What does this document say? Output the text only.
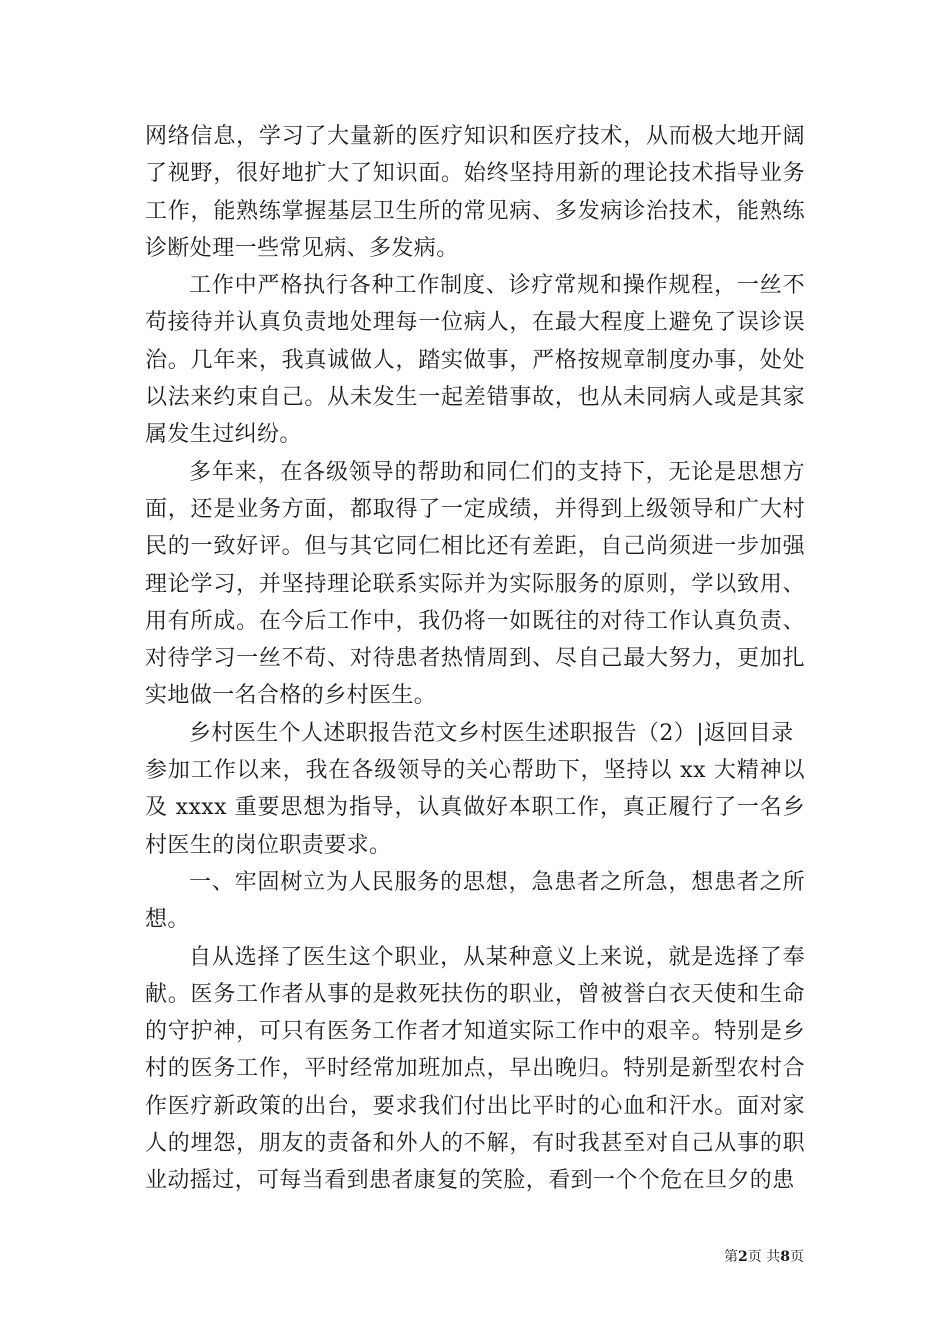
网络信息，学习了大量新的医疗知识和医疗技术，从而极大地开阔了视野，很好地扩大了知识面。始终坚持用新的理论技术指导业务工作，能熟练掌握基层卫生所的常见病、多发病诊治技术，能熟练诊断处理一些常见病、多发病。

工作中严格执行各种工作制度、诊疗常规和操作规程，一丝不苟接待并认真负责地处理每一位病人，在最大程度上避免了误诊误治。几年来，我真诚做人，踏实做事，严格按规章制度办事，处处以法来约束自己。从未发生一起差错事故，也从未同病人或是其家属发生过纠纷。

多年来，在各级领导的帮助和同仁们的支持下，无论是思想方面，还是业务方面，都取得了一定成绩，并得到上级领导和广大村民的一致好评。但与其它同仁相比还有差距，自己尚须进一步加强理论学习，并坚持理论联系实际并为实际服务的原则，学以致用、用有所成。在今后工作中，我仍将一如既往的对待工作认真负责、对待学习一丝不苟、对待患者热情周到、尽自己最大努力，更加扎实地做一名合格的乡村医生。

乡村医生个人述职报告范文乡村医生述职报告（2）|返回目录

参加工作以来，我在各级领导的关心帮助下，坚持以 xx 大精神以及 xxxx 重要思想为指导，认真做好本职工作，真正履行了一名乡村医生的岗位职责要求。

一、牢固树立为人民服务的思想，急患者之所急，想患者之所想。

自从选择了医生这个职业，从某种意义上来说，就是选择了奉献。医务工作者从事的是救死扶伤的职业，曾被誉白衣天使和生命的守护神，可只有医务工作者才知道实际工作中的艰辛。特别是乡村的医务工作，平时经常加班加点，早出晚归。特别是新型农村合作医疗新政策的出台，要求我们付出比平时的心血和汗水。面对家人的埋怨，朋友的责备和外人的不解，有时我甚至对自己从事的职业动摇过，可每当看到患者康复的笑脸，看到一个个危在旦夕的患

第2页 共8页
